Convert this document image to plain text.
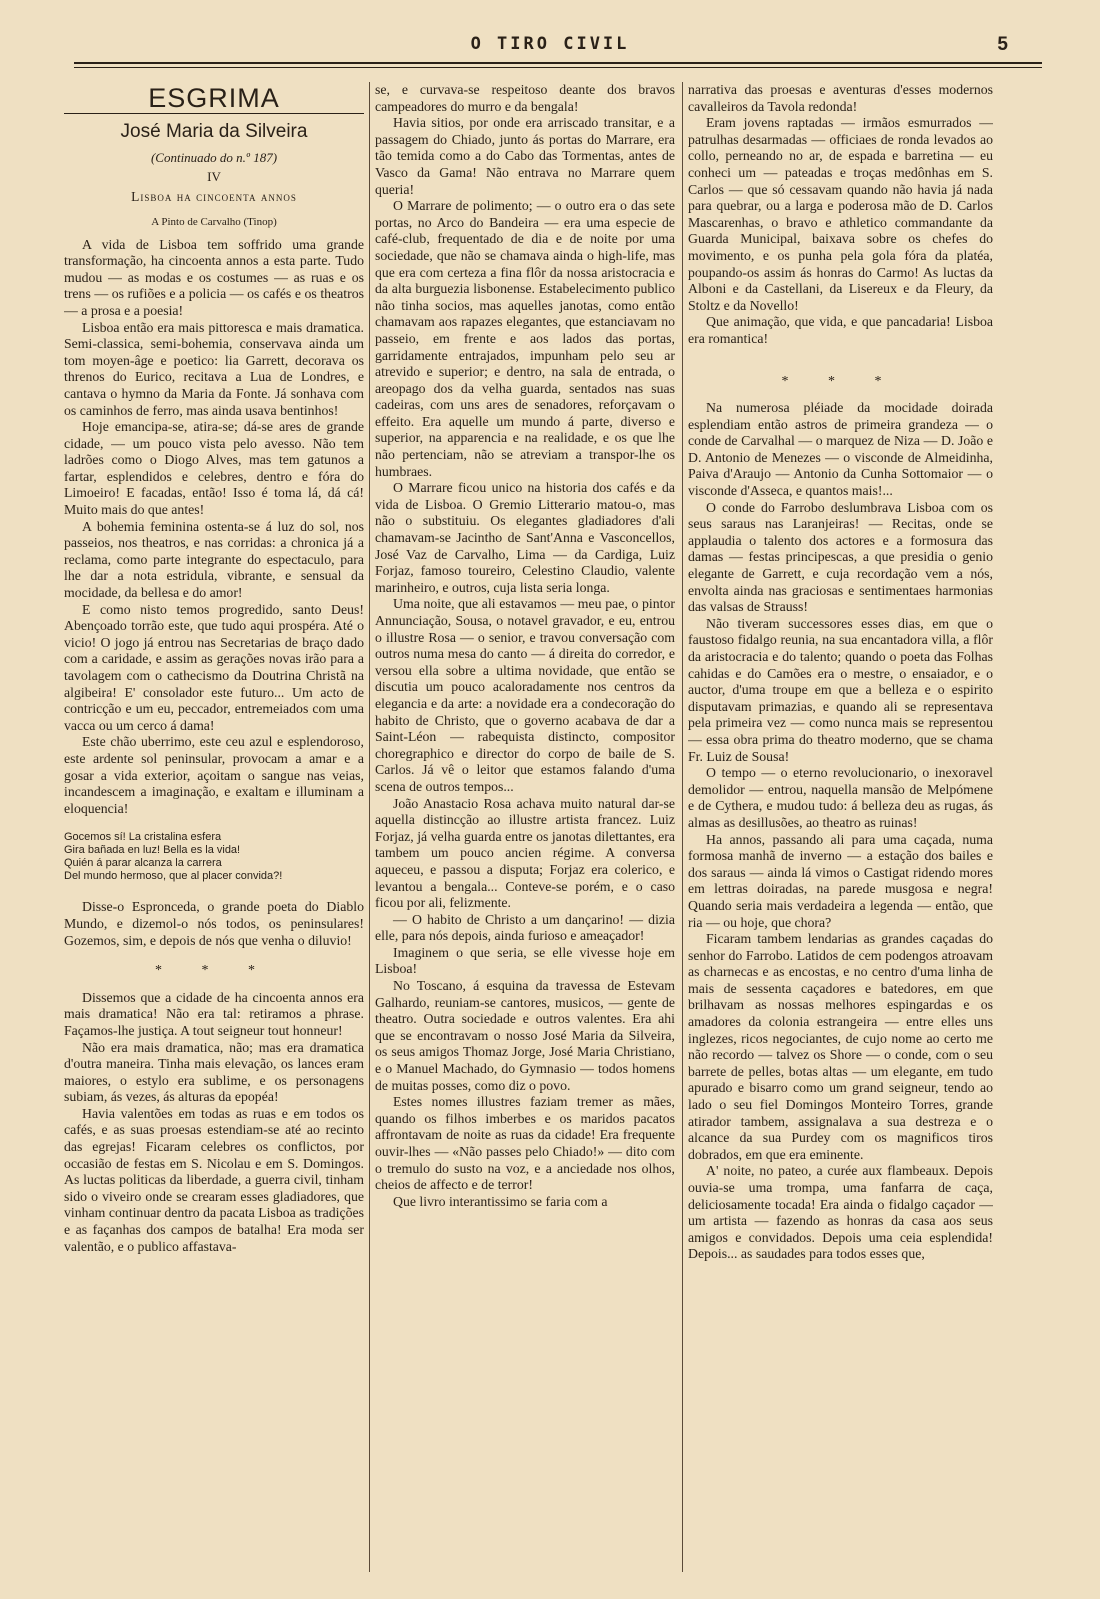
O TIRO CIVIL	5
ESGRIMA
José Maria da Silveira
(Continuado do n.º 187)
IV
Lisboa ha cincoenta annos
A Pinto de Carvalho (Tinop)

A vida de Lisboa tem soffrido uma grande transformação, ha cincoenta annos a esta parte. Tudo mudou — as modas e os costumes — as ruas e os trens — os rufiões e a policia — os cafés e os theatros — a prosa e a poesia!

Lisboa então era mais pittoresca e mais dramatica. Semi-classica, semi-bohemia, conservava ainda um tom moyen-âge e poetico: lia Garrett, decorava os threnos do Eurico, recitava a Lua de Londres, e cantava o hymno da Maria da Fonte. Já sonhava com os caminhos de ferro, mas ainda usava bentinhos!

Hoje emancipa-se, atira-se; dá-se ares de grande cidade, — um pouco vista pelo avesso. Não tem ladrões como o Diogo Alves, mas tem gatunos a fartar, esplendidos e celebres, dentro e fóra do Limoeiro! E facadas, então! Isso é toma lá, dá cá! Muito mais do que antes!

A bohemia feminina ostenta-se á luz do sol, nos passeios, nos theatros, e nas corridas: a chronica já a reclama, como parte integrante do espectaculo, para lhe dar a nota estridula, vibrante, e sensual da mocidade, da bellesa e do amor!

E como nisto temos progredido, santo Deus! Abençoado torrão este, que tudo aqui prospéra. Até o vicio! O jogo já entrou nas Secretarias de braço dado com a caridade, e assim as gerações novas irão para a tavolagem com o cathecismo da Doutrina Christã na algibeira! E' consolador este futuro... Um acto de contricção e um eu, peccador, entremeiados com uma vacca ou um cerco á dama!

Este chão uberrimo, este ceu azul e esplendoroso, este ardente sol peninsular, provocam a amar e a gosar a vida exterior, açoitam o sangue nas veias, incandescem a imaginação, e exaltam e illuminam a eloquencia!

Gocemos sí! La cristalina esfera
Gira bañada en luz! Bella es la vida!
Quién á parar alcanza la carrera
Del mundo hermoso, que al placer convida?!

Disse-o Espronceda, o grande poeta do Diablo Mundo, e dizemol-o nós todos, os peninsulares! Gozemos, sim, e depois de nós que venha o diluvio!

* * *

Dissemos que a cidade de ha cincoenta annos era mais dramatica! Não era tal: retiramos a phrase. Façamos-lhe justiça. A tout seigneur tout honneur!

Não era mais dramatica, não; mas era dramatica d'outra maneira. Tinha mais elevação, os lances eram maiores, o estylo era sublime, e os personagens subiam, ás vezes, ás alturas da epopéa!

Havia valentões em todas as ruas e em todos os cafés, e as suas proesas estendiam-se até ao recinto das egrejas! Ficaram celebres os conflictos, por occasião de festas em S. Nicolau e em S. Domingos. As luctas politicas da liberdade, a guerra civil, tinham sido o viveiro onde se crearam esses gladiadores, que vinham continuar dentro da pacata Lisboa as tradições e as façanhas dos campos de batalha! Era moda ser valentão, e o publico affastava-

se, e curvava-se respeitoso deante dos bravos campeadores do murro e da bengala!

Havia sitios, por onde era arriscado transitar, e a passagem do Chiado, junto ás portas do Marrare, era tão temida como a do Cabo das Tormentas, antes de Vasco da Gama! Não entrava no Marrare quem queria!

O Marrare de polimento; — o outro era o das sete portas, no Arco do Bandeira — era uma especie de café-club, frequentado de dia e de noite por uma sociedade, que não se chamava ainda o high-life, mas que era com certeza a fina flôr da nossa aristocracia e da alta burguezia lisbonense. Estabelecimento publico não tinha socios, mas aquelles janotas, como então chamavam aos rapazes elegantes, que estanciavam no passeio, em frente e aos lados das portas, garridamente entrajados, impunham pelo seu ar atrevido e superior; e dentro, na sala de entrada, o areopago dos da velha guarda, sentados nas suas cadeiras, com uns ares de senadores, reforçavam o effeito. Era aquelle um mundo á parte, diverso e superior, na apparencia e na realidade, e os que lhe não pertenciam, não se atreviam a transpor-lhe os humbraes.

O Marrare ficou unico na historia dos cafés e da vida de Lisboa. O Gremio Litterario matou-o, mas não o substituiu. Os elegantes gladiadores d'ali chamavam-se Jacintho de Sant'Anna e Vasconcellos, José Vaz de Carvalho, Lima — da Cardiga, Luiz Forjaz, famoso toureiro, Celestino Claudio, valente marinheiro, e outros, cuja lista seria longa.

Uma noite, que ali estavamos — meu pae, o pintor Annunciação, Sousa, o notavel gravador, e eu, entrou o illustre Rosa — o senior, e travou conversação com outros numa mesa do canto — á direita do corredor, e versou ella sobre a ultima novidade, que então se discutia um pouco acaloradamente nos centros da elegancia e da arte: a novidade era a condecoração do habito de Christo, que o governo acabava de dar a Saint-Léon — rabequista distincto, compositor choregraphico e director do corpo de baile de S. Carlos. Já vê o leitor que estamos falando d'uma scena de outros tempos...

João Anastacio Rosa achava muito natural dar-se aquella distincção ao illustre artista francez. Luiz Forjaz, já velha guarda entre os janotas dilettantes, era tambem um pouco ancien régime. A conversa aqueceu, e passou a disputa; Forjaz era colerico, e levantou a bengala... Conteve-se porém, e o caso ficou por ali, felizmente.

— O habito de Christo a um dançarino! — dizia elle, para nós depois, ainda furioso e ameaçador!

Imaginem o que seria, se elle vivesse hoje em Lisboa!

No Toscano, á esquina da travessa de Estevam Galhardo, reuniam-se cantores, musicos, — gente de theatro. Outra sociedade e outros valentes. Era ahi que se encontravam o nosso José Maria da Silveira, os seus amigos Thomaz Jorge, José Maria Christiano, e o Manuel Machado, do Gymnasio — todos homens de muitas posses, como diz o povo.

Estes nomes illustres faziam tremer as mães, quando os filhos imberbes e os maridos pacatos affrontavam de noite as ruas da cidade! Era frequente ouvir-lhes — «Não passes pelo Chiado!» — dito com o tremulo do susto na voz, e a anciedade nos olhos, cheios de affecto e de terror!

Que livro interantissimo se faria com a

narrativa das proesas e aventuras d'esses modernos cavalleiros da Tavola redonda!

Eram jovens raptadas — irmãos esmurrados — patrulhas desarmadas — officiaes de ronda levados ao collo, perneando no ar, de espada e barretina — eu conheci um — pateadas e troças medônhas em S. Carlos — que só cessavam quando não havia já nada para quebrar, ou a larga e poderosa mão de D. Carlos Mascarenhas, o bravo e athletico commandante da Guarda Municipal, baixava sobre os chefes do movimento, e os punha pela gola fóra da platéa, poupando-os assim ás honras do Carmo! As luctas da Alboni e da Castellani, da Lisereux e da Fleury, da Stoltz e da Novello!

Que animação, que vida, e que pancadaria! Lisboa era romantica!

* * *

Na numerosa pléiade da mocidade doirada esplendiam então astros de primeira grandeza — o conde de Carvalhal — o marquez de Niza — D. João e D. Antonio de Menezes — o visconde de Almeidinha, Paiva d'Araujo — Antonio da Cunha Sottomaior — o visconde d'Asseca, e quantos mais!...

O conde do Farrobo deslumbrava Lisboa com os seus saraus nas Laranjeiras! — Recitas, onde se applaudia o talento dos actores e a formosura das damas — festas principescas, a que presidia o genio elegante de Garrett, e cuja recordação vem a nós, envolta ainda nas graciosas e sentimentaes harmonias das valsas de Strauss!

Não tiveram successores esses dias, em que o faustoso fidalgo reunia, na sua encantadora villa, a flôr da aristocracia e do talento; quando o poeta das Folhas cahidas e do Camões era o mestre, o ensaiador, e o auctor, d'uma troupe em que a belleza e o espirito disputavam primazias, e quando ali se representava pela primeira vez — como nunca mais se representou — essa obra prima do theatro moderno, que se chama Fr. Luiz de Sousa!

O tempo — o eterno revolucionario, o inexoravel demolidor — entrou, naquella mansão de Melpómene e de Cythera, e mudou tudo: á belleza deu as rugas, ás almas as desillusões, ao theatro as ruinas!

Ha annos, passando ali para uma caçada, numa formosa manhã de inverno — a estação dos bailes e dos saraus — ainda lá vimos o Castigat ridendo mores em lettras doiradas, na parede musgosa e negra! Quando seria mais verdadeira a legenda — então, que ria — ou hoje, que chora?

Ficaram tambem lendarias as grandes caçadas do senhor do Farrobo. Latidos de cem podengos atroavam as charnecas e as encostas, e no centro d'uma linha de mais de sessenta caçadores e batedores, em que brilhavam as nossas melhores espingardas e os amadores da colonia estrangeira — entre elles uns inglezes, ricos negociantes, de cujo nome ao certo me não recordo — talvez os Shore — o conde, com o seu barrete de pelles, botas altas — um elegante, em tudo apurado e bisarro como um grand seigneur, tendo ao lado o seu fiel Domingos Monteiro Torres, grande atirador tambem, assignalava a sua destreza e o alcance da sua Purdey com os magnificos tiros dobrados, em que era eminente.

A' noite, no pateo, a curée aux flambeaux. Depois ouvia-se uma trompa, uma fanfarra de caça, deliciosamente tocada! Era ainda o fidalgo caçador — um artista — fazendo as honras da casa aos seus amigos e convidados. Depois uma ceia esplendida! Depois... as saudades para todos esses que,
